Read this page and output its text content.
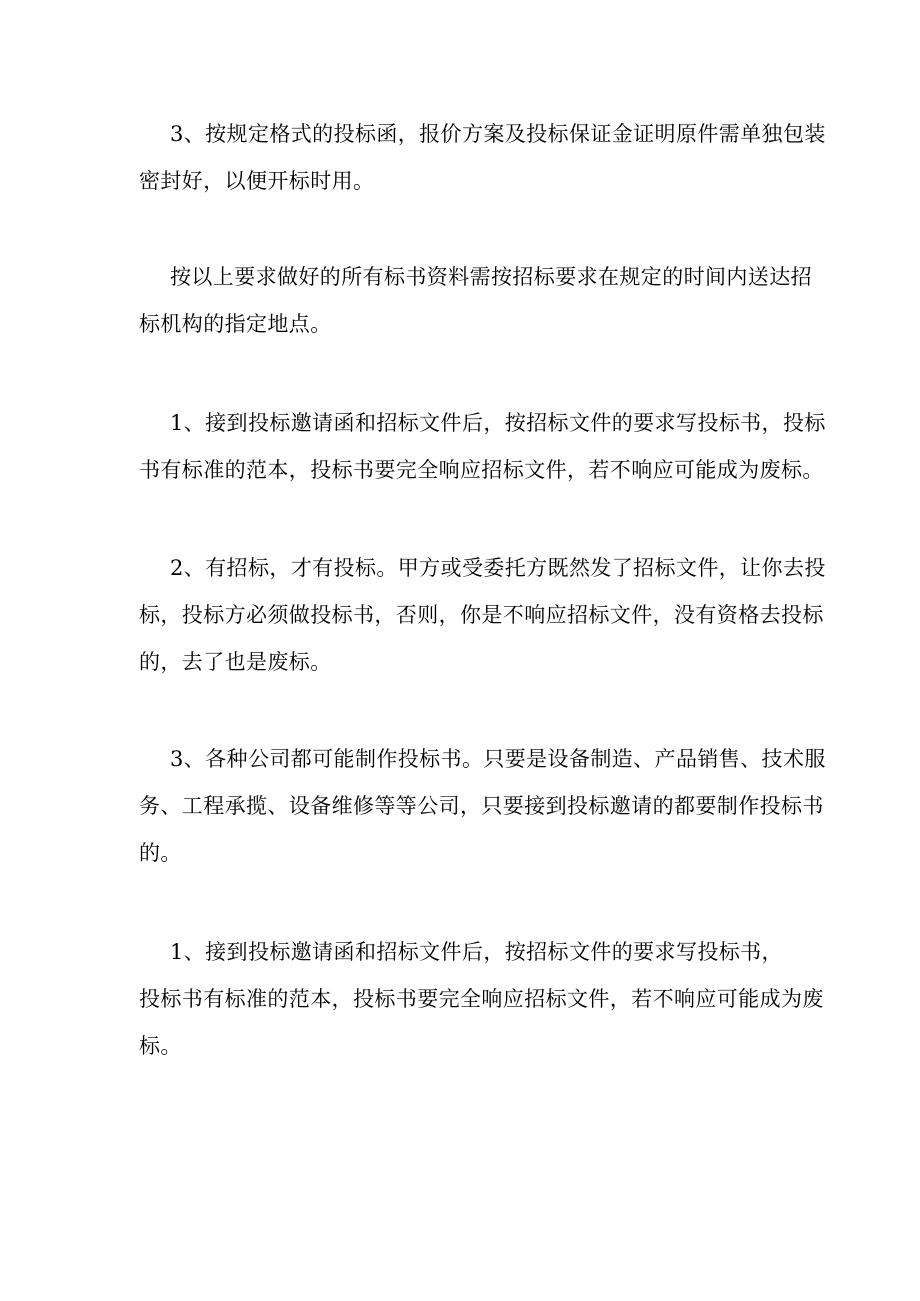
3、按规定格式的投标函，报价方案及投标保证金证明原件需单独包装
密封好，以便开标时用。

按以上要求做好的所有标书资料需按招标要求在规定的时间内送达招
标机构的指定地点。

1、接到投标邀请函和招标文件后，按招标文件的要求写投标书，投标
书有标准的范本，投标书要完全响应招标文件，若不响应可能成为废标。

2、有招标，才有投标。甲方或受委托方既然发了招标文件，让你去投
标，投标方必须做投标书，否则，你是不响应招标文件，没有资格去投标
的，去了也是废标。

3、各种公司都可能制作投标书。只要是设备制造、产品销售、技术服
务、工程承揽、设备维修等等公司，只要接到投标邀请的都要制作投标书
的。

1、接到投标邀请函和招标文件后，按招标文件的要求写投标书，
投标书有标准的范本，投标书要完全响应招标文件，若不响应可能成为废
标。
